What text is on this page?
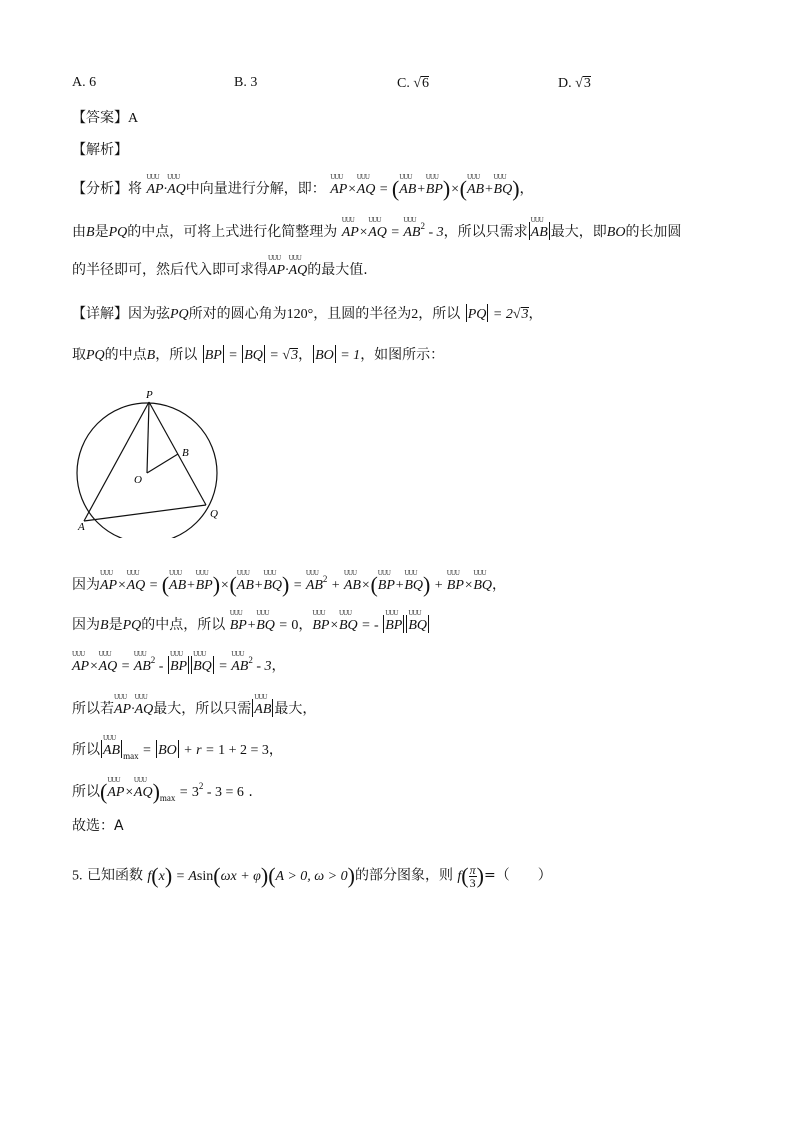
A. 6	B. 3	C. √6	D. √3
【答案】A
【解析】
【分析】将 UUU AP·UUU AQ中向量进行分解，即： UUU AP×UUU AQ = (UUU AB+UUU BP)×(UUU AB+UUU BQ)，
由B是PQ的中点，可将上式进行化简整理为 UUU AP×UUU AQ = UUU $AB^2 - 3$，所以只需求 UUU AB 最大，即BO的长加圆
的半径即可，然后代入即可求得UUU AP·UUU AQ的最大值.
【详解】因为弦PQ所对的圆心角为120°，且圆的半径为2，所以 PQ = 2√3，
取PQ的中点B，所以 BP = BQ = √3， BO = 1，如图所示：
P
B
O
Q
A
因为UUU AP×UUU AQ = (UUU AB+UUU BP)×(UUU AB+UUU BQ) = UUU $AB^2$ + UUU AB×(UUU BP+UUU BQ) + UUU BP×UUU BQ，
因为B是PQ的中点，所以 UUU BP+UUU BQ = 0，UUU BP×UUU BQ = - UUU BP UUU BQ
UUU AP×UUU AQ = UUU $AB^2$ - UUU BP UUU BQ = UUU $AB^2 - 3$，
所以若UUU AP·UUU AQ最大，所以只需 UUU AB 最大，
所以 UUU AB $_{max}$ = BO + r = 1 + 2 = 3，
所以(UUU AP×UUU $AQ)_{max} = 3^2 - 3 = 6$ .
故选：A
5. 已知函数 f(x) = Asin(ωx + φ)(A > 0, ω > 0)的部分图象，则 $f( \frac{\pi}{3}$ )=（　　）
